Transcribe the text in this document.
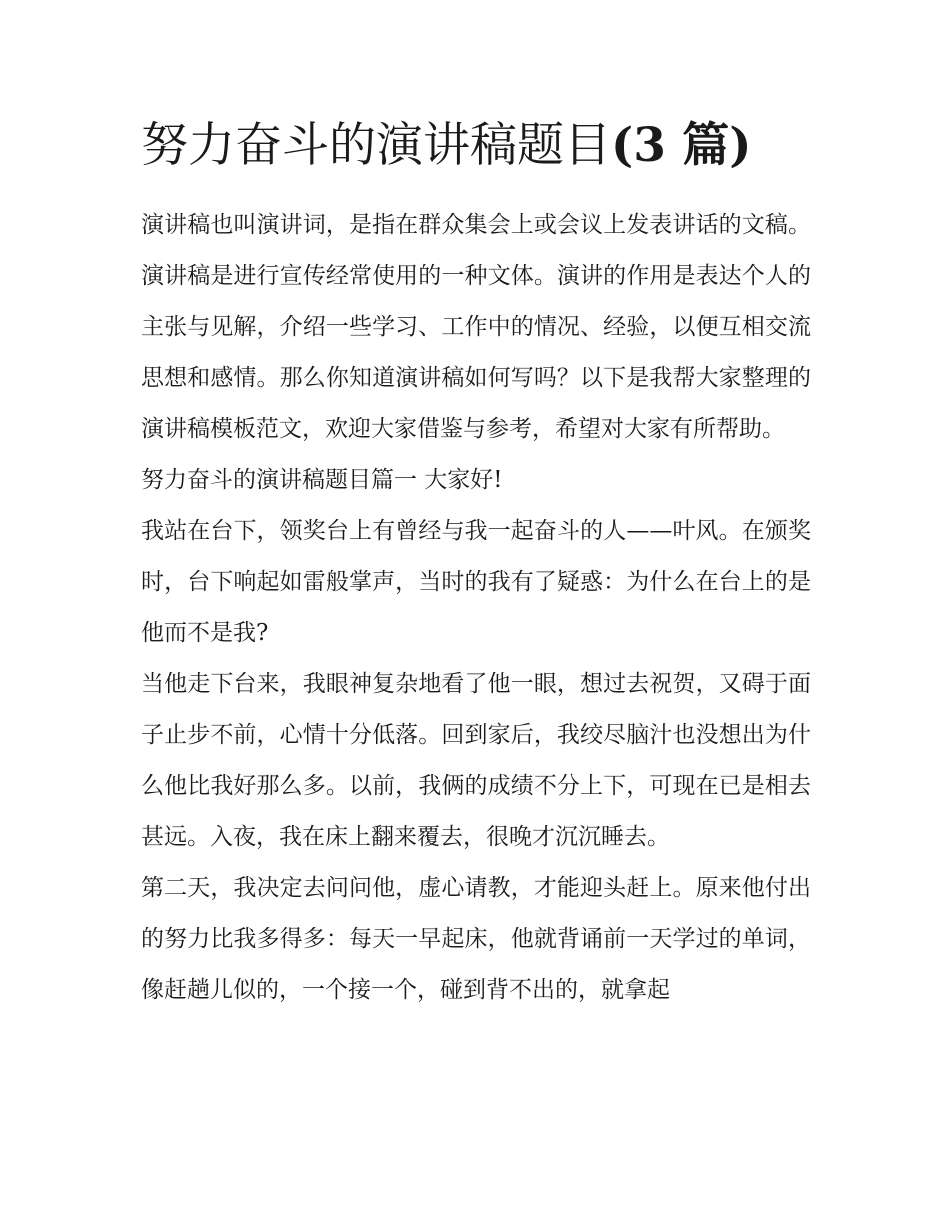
努力奋斗的演讲稿题目(3 篇)

演讲稿也叫演讲词，是指在群众集会上或会议上发表讲话的文稿。演讲稿是进行宣传经常使用的一种文体。演讲的作用是表达个人的主张与见解，介绍一些学习、工作中的情况、经验，以便互相交流思想和感情。那么你知道演讲稿如何写吗？以下是我帮大家整理的演讲稿模板范文，欢迎大家借鉴与参考，希望对大家有所帮助。

努力奋斗的演讲稿题目篇一 大家好!

我站在台下，领奖台上有曾经与我一起奋斗的人——叶风。在颁奖时，台下响起如雷般掌声，当时的我有了疑惑：为什么在台上的是他而不是我?

当他走下台来，我眼神复杂地看了他一眼，想过去祝贺，又碍于面子止步不前，心情十分低落。回到家后，我绞尽脑汁也没想出为什么他比我好那么多。以前，我俩的成绩不分上下，可现在已是相去甚远。入夜，我在床上翻来覆去，很晚才沉沉睡去。

第二天，我决定去问问他，虚心请教，才能迎头赶上。原来他付出的努力比我多得多：每天一早起床，他就背诵前一天学过的单词，像赶趟儿似的，一个接一个，碰到背不出的，就拿起
